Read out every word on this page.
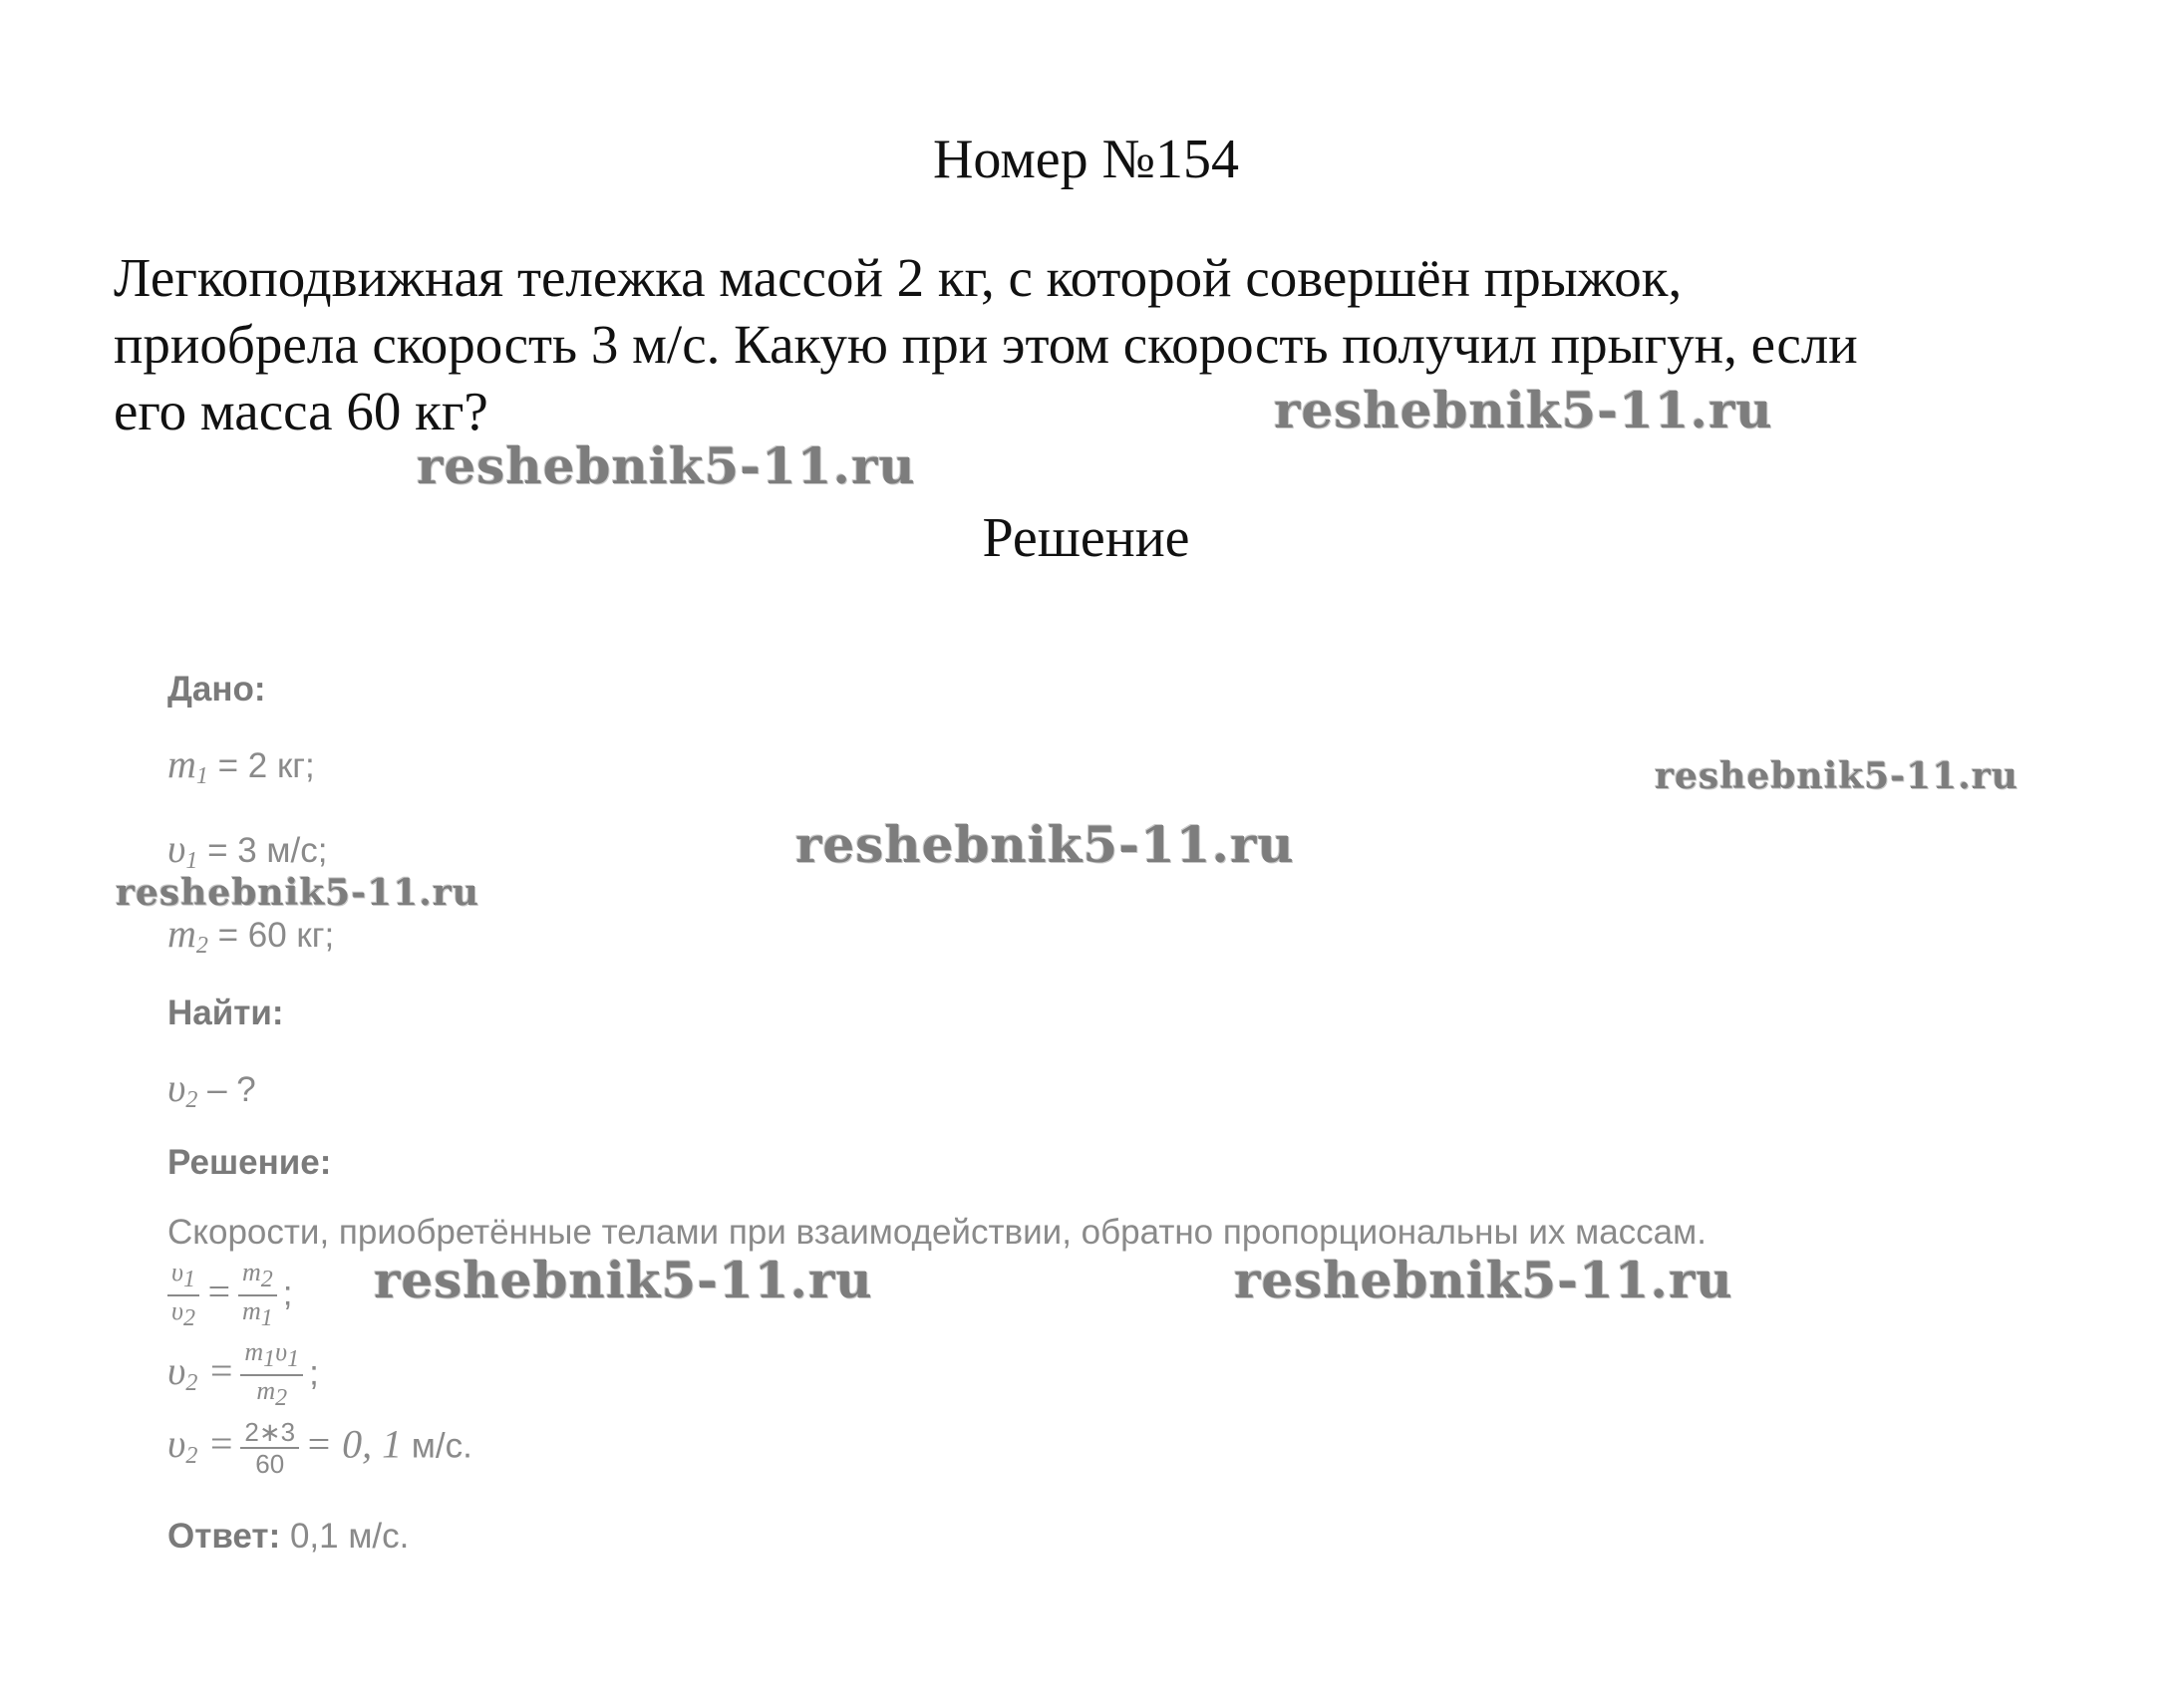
Номер №154
Легкоподвижная тележка массой 2 кг, с которой совершён прыжок,
приобрела скорость 3 м/с. Какую при этом скорость получил прыгун, если
его масса 60 кг?
Решение
Дано:
$m_1 = 2$ кг;
$\upsilon_1 = 3$ м/с;
$m_2 = 60$ кг;
Найти:
$\upsilon_2$ – ?
Решение:
Скорости, приобретённые телами при взаимодействии, обратно пропорциональны их массам.
$\frac{\upsilon_1}{\upsilon_2} = \frac{m_2}{m_1}$ ;
$\upsilon_2 = \frac{m_1\upsilon_1}{m_2}$ ;
$\upsilon_2 = \frac{2∗3}{60} = 0$, 1 м/с.
Ответ: 0,1 м/с.
reshebnik5-11.ru
reshebnik5-11.ru
reshebnik5-11.ru
reshebnik5-11.ru
reshebnik5-11.ru
reshebnik5-11.ru	reshebnik5-11.ru
